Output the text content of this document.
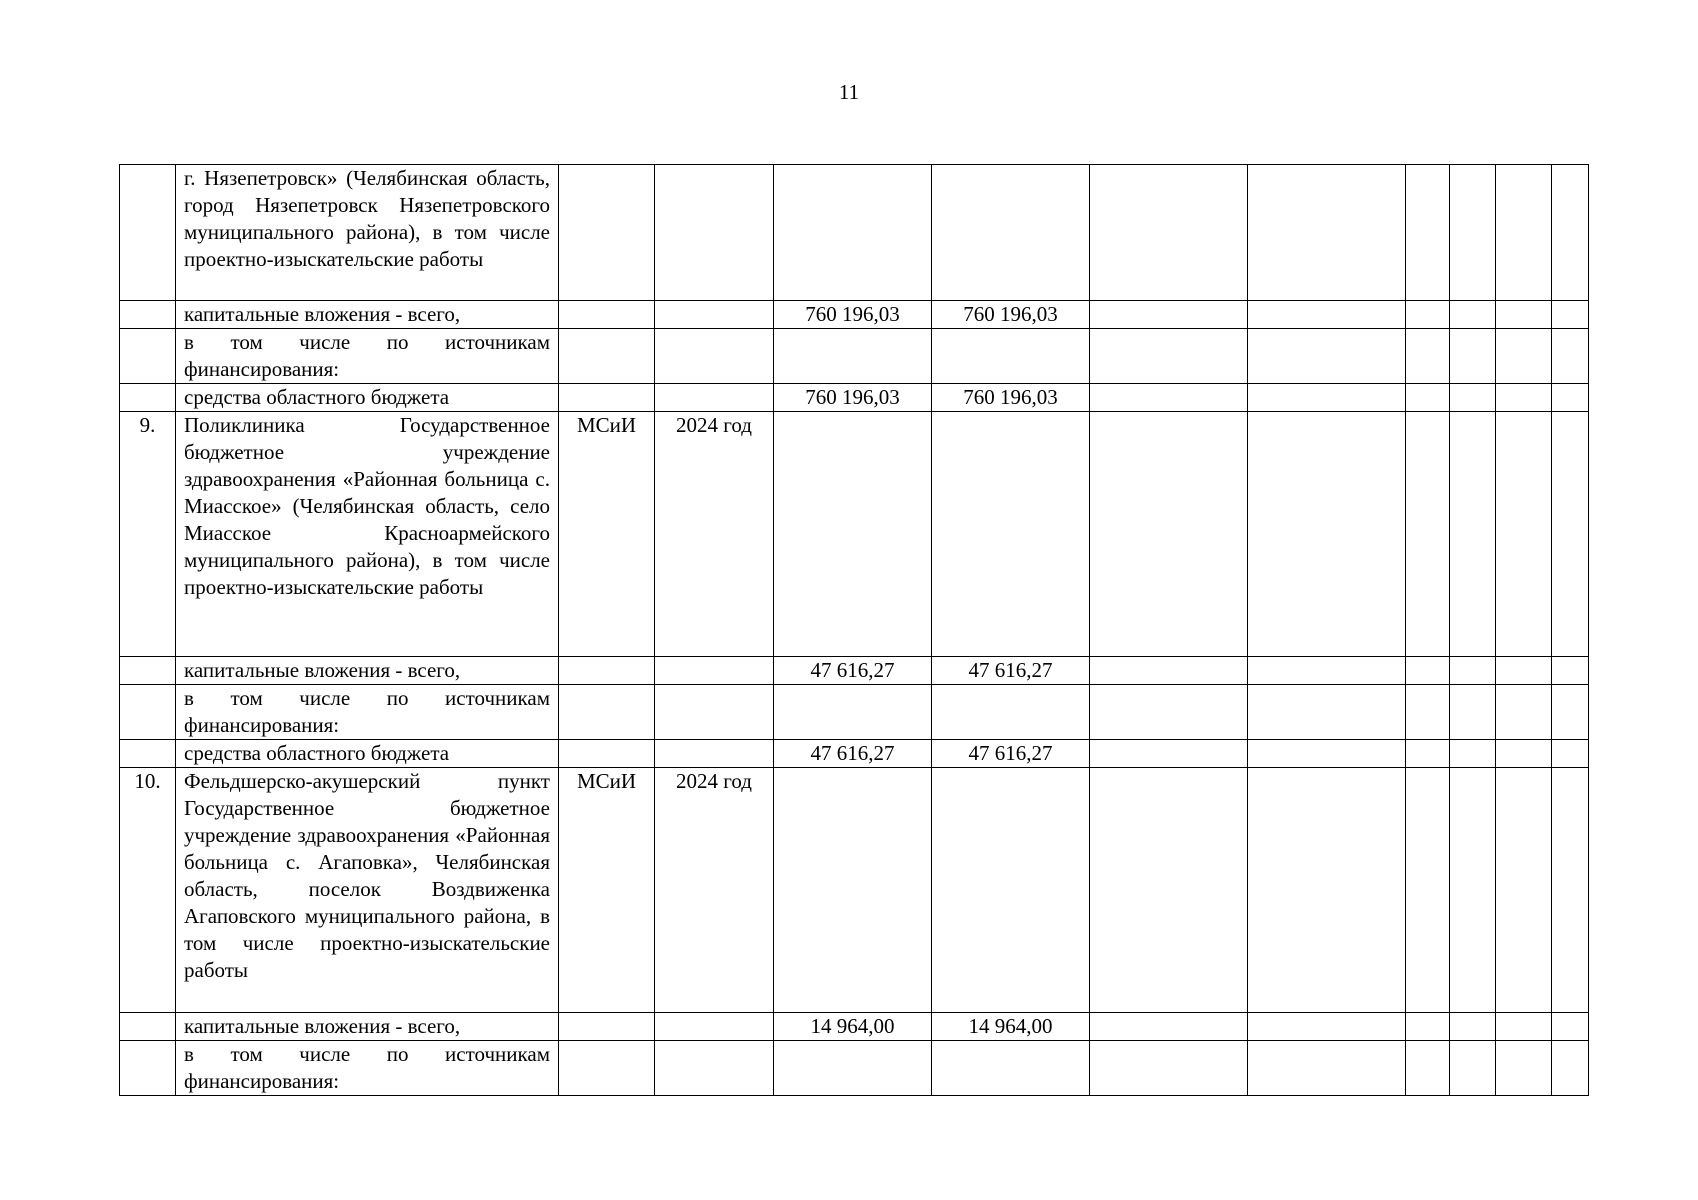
11
	г. Нязепетровск» (Челябинская область, город Нязепетровск Нязепетровского муниципального района), в том числе проектно-изыскательские работы										
	капитальные вложения - всего,			760 196,03	760 196,03						
	в том числе по источникам финансирования:										
	средства областного бюджета			760 196,03	760 196,03						
9.	Поликлиника Государственное бюджетное учреждение здравоохранения «Районная больница с. Миасское» (Челябинская область, село Миасское Красноармейского муниципального района), в том числе проектно-изыскательские работы	МСиИ	2024 год								
	капитальные вложения - всего,			47 616,27	47 616,27						
	в том числе по источникам финансирования:										
	средства областного бюджета			47 616,27	47 616,27						
10.	Фельдшерско-акушерский пункт Государственное бюджетное учреждение здравоохранения «Районная больница с. Агаповка», Челябинская область, поселок Воздвиженка Агаповского муниципального района, в том числе проектно-изыскательские работы	МСиИ	2024 год								
	капитальные вложения - всего,			14 964,00	14 964,00						
	в том числе по источникам финансирования:										
